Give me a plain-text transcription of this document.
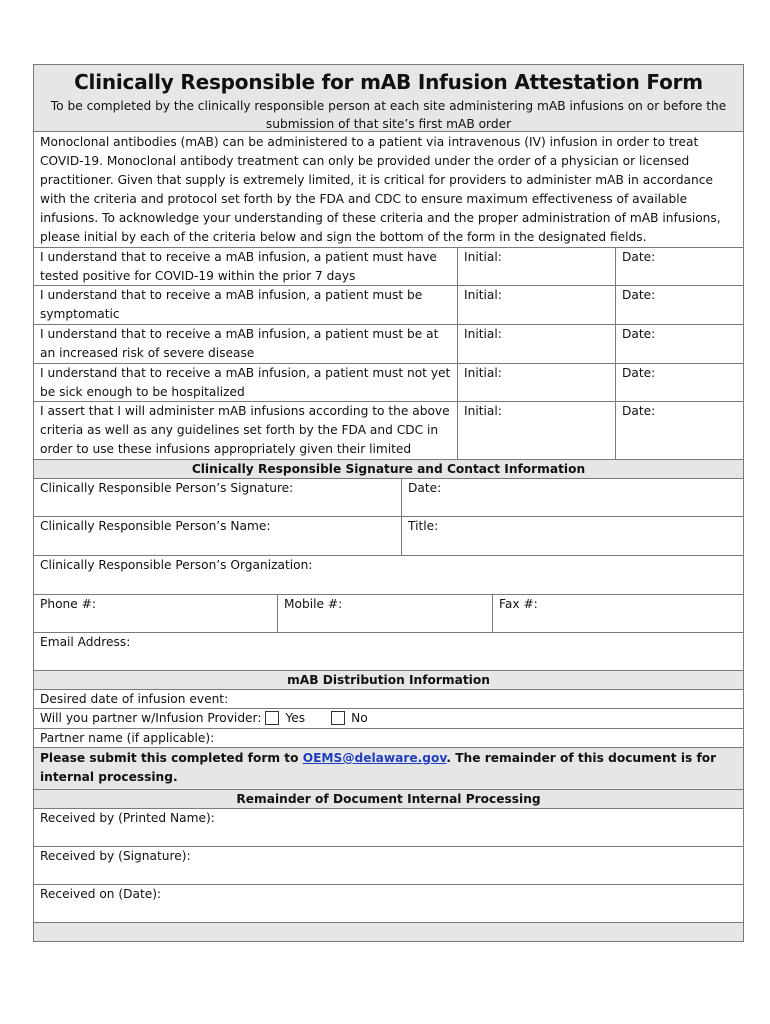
Clinically Responsible for mAB Infusion Attestation Form
To be completed by the clinically responsible person at each site administering mAB infusions on or before the submission of that site’s first mAB order
Monoclonal antibodies (mAB) can be administered to a patient via intravenous (IV) infusion in order to treat COVID-19. Monoclonal antibody treatment can only be provided under the order of a physician or licensed practitioner. Given that supply is extremely limited, it is critical for providers to administer mAB in accordance with the criteria and protocol set forth by the FDA and CDC to ensure maximum effectiveness of available infusions. To acknowledge your understanding of these criteria and the proper administration of mAB infusions, please initial by each of the criteria below and sign the bottom of the form in the designated fields.
I understand that to receive a mAB infusion, a patient must have tested positive for COVID-19 within the prior 7 days
Initial:	Date:
I understand that to receive a mAB infusion, a patient must be symptomatic
Initial:	Date:
I understand that to receive a mAB infusion, a patient must be at an increased risk of severe disease
Initial:	Date:
I understand that to receive a mAB infusion, a patient must not yet be sick enough to be hospitalized
Initial:	Date:
I assert that I will administer mAB infusions according to the above criteria as well as any guidelines set forth by the FDA and CDC in order to use these infusions appropriately given their limited
Initial:	Date:
Clinically Responsible Signature and Contact Information
Clinically Responsible Person’s Signature:	Date:
Clinically Responsible Person’s Name:	Title:
Clinically Responsible Person’s Organization:
Phone #:	Mobile #:	Fax #:
Email Address:
mAB Distribution Information
Desired date of infusion event:
Will you partner w/Infusion Provider: Yes	No
Partner name (if applicable):
Please submit this completed form to OEMS@delaware.gov. The remainder of this document is for internal processing.
Remainder of Document Internal Processing
Received by (Printed Name):
Received by (Signature):
Received on (Date):
